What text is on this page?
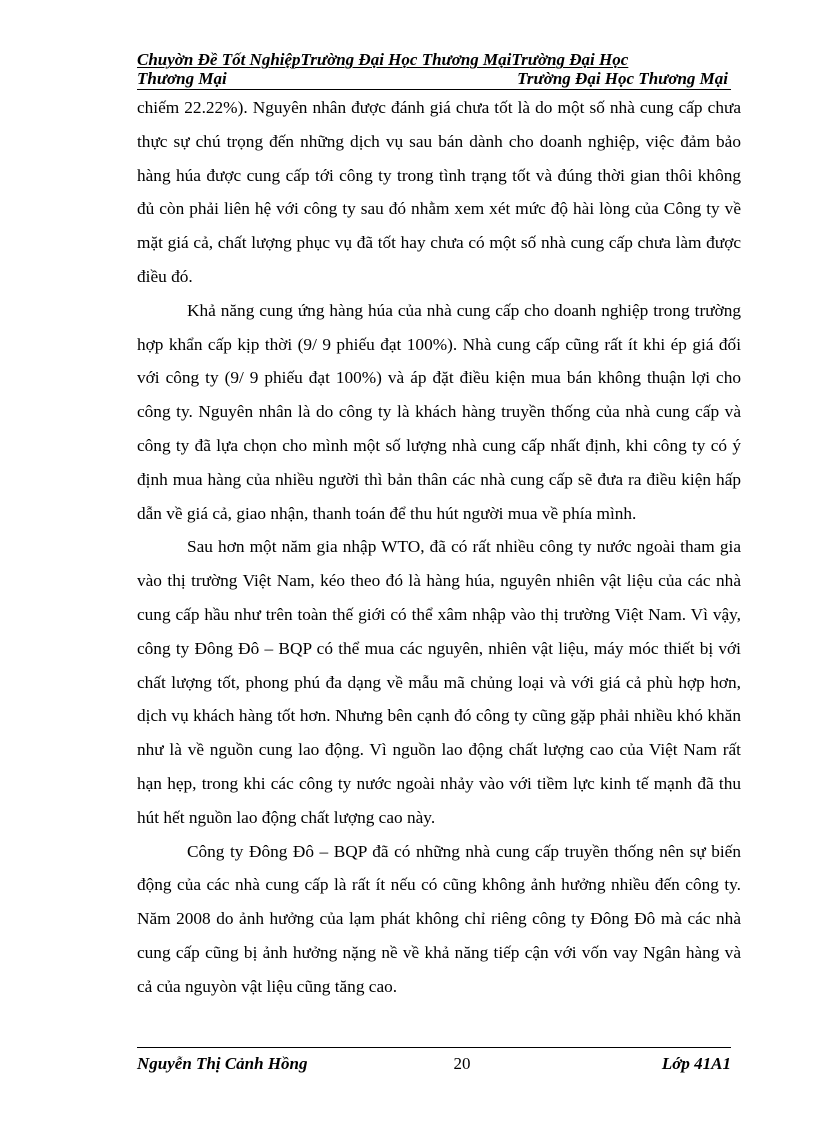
Chuyờn Đề Tốt NghiệpTrường Đại Học Thương MạiTrường Đại Học
Thương Mại	Trường Đại Học Thương Mại

chiếm 22.22%). Nguyên nhân được đánh giá chưa tốt là do một số nhà cung cấp chưa thực sự chú trọng đến những dịch vụ sau bán dành cho doanh nghiệp, việc đảm bảo hàng húa được cung cấp tới công ty trong tình trạng tốt và đúng thời gian thôi không đủ còn phải liên hệ với công ty sau đó nhằm xem xét mức độ hài lòng của Công ty về mặt giá cả, chất lượng phục vụ đã tốt hay chưa có một số nhà cung cấp chưa làm được điều đó.

Khả năng cung ứng hàng húa của nhà cung cấp cho doanh nghiệp trong trường hợp khẩn cấp kịp thời (9/ 9 phiếu đạt 100%). Nhà cung cấp cũng rất ít khi ép giá đối với công ty (9/ 9 phiếu đạt 100%) và áp đặt điều kiện mua bán không thuận lợi cho công ty. Nguyên nhân là do công ty là khách hàng truyền thống của nhà cung cấp và công ty đã lựa chọn cho mình một số lượng nhà cung cấp nhất định, khi công ty có ý định mua hàng của nhiều người thì bản thân các nhà cung cấp sẽ đưa ra điều kiện hấp dẫn về giá cả, giao nhận, thanh toán để thu hút người mua về phía mình.

Sau hơn một năm gia nhập WTO, đã có rất nhiều công ty nước ngoài tham gia vào thị trường Việt Nam, kéo theo đó là hàng húa, nguyên nhiên vật liệu của các nhà cung cấp hầu như trên toàn thế giới có thể xâm nhập vào thị trường Việt Nam. Vì vậy, công ty Đông Đô – BQP có thể mua các nguyên, nhiên vật liệu, máy móc thiết bị với chất lượng tốt, phong phú đa dạng về mẫu mã chủng loại và với giá cả phù hợp hơn, dịch vụ khách hàng tốt hơn. Nhưng bên cạnh đó công ty cũng gặp phải nhiều khó khăn như là về nguồn cung lao động. Vì nguồn lao động chất lượng cao của Việt Nam rất hạn hẹp, trong khi các công ty nước ngoài nhảy vào với tiềm lực kinh tế mạnh đã thu hút hết nguồn lao động chất lượng cao này.

Công ty Đông Đô – BQP đã có những nhà cung cấp truyền thống nên sự biến động của các nhà cung cấp là rất ít nếu có cũng không ảnh hưởng nhiều đến công ty. Năm 2008 do ảnh hưởng của lạm phát không chỉ riêng công ty Đông Đô mà các nhà cung cấp cũng bị ảnh hưởng nặng nề về khả năng tiếp cận với vốn vay Ngân hàng và cả của nguyòn vật liệu cũng tăng cao.

Nguyễn Thị Cảnh Hồng	20	Lớp 41A1
